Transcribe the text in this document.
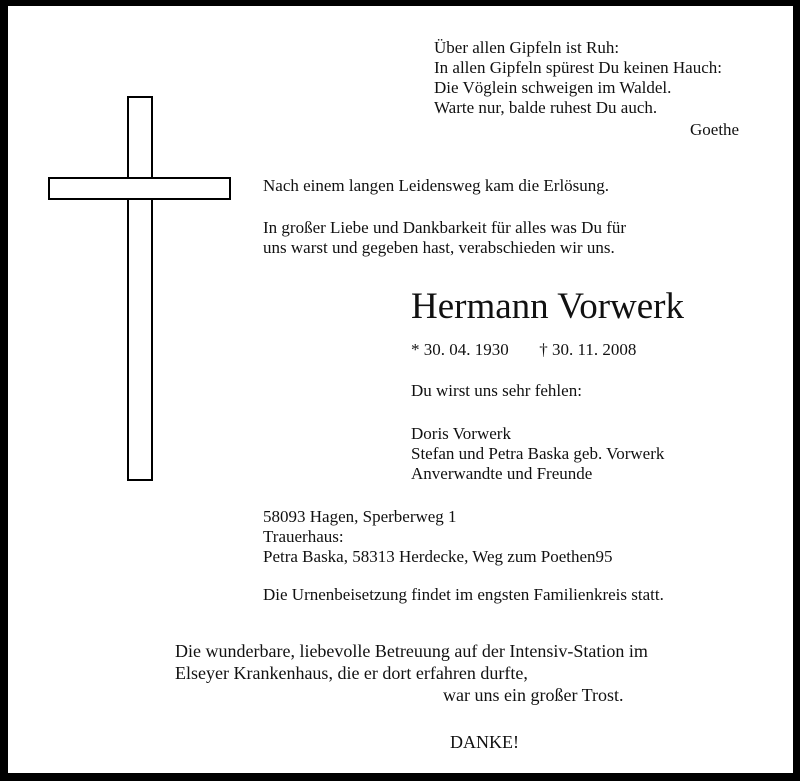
Über allen Gipfeln ist Ruh:
In allen Gipfeln spürest Du keinen Hauch:
Die Vöglein schweigen im Waldel.
Warte nur, balde ruhest Du auch.
Goethe
Nach einem langen Leidensweg kam die Erlösung.
In großer Liebe und Dankbarkeit für alles was Du für
uns warst und gegeben hast, verabschieden wir uns.
Hermann Vorwerk
* 30. 04. 1930 † 30. 11. 2008
Du wirst uns sehr fehlen:
Doris Vorwerk
Stefan und Petra Baska geb. Vorwerk
Anverwandte und Freunde
58093 Hagen, Sperberweg 1
Trauerhaus:
Petra Baska, 58313 Herdecke, Weg zum Poethen95
Die Urnenbeisetzung findet im engsten Familienkreis statt.
Die wunderbare, liebevolle Betreuung auf der Intensiv-Station im
Elseyer Krankenhaus, die er dort erfahren durfte,
war uns ein großer Trost.
DANKE!
